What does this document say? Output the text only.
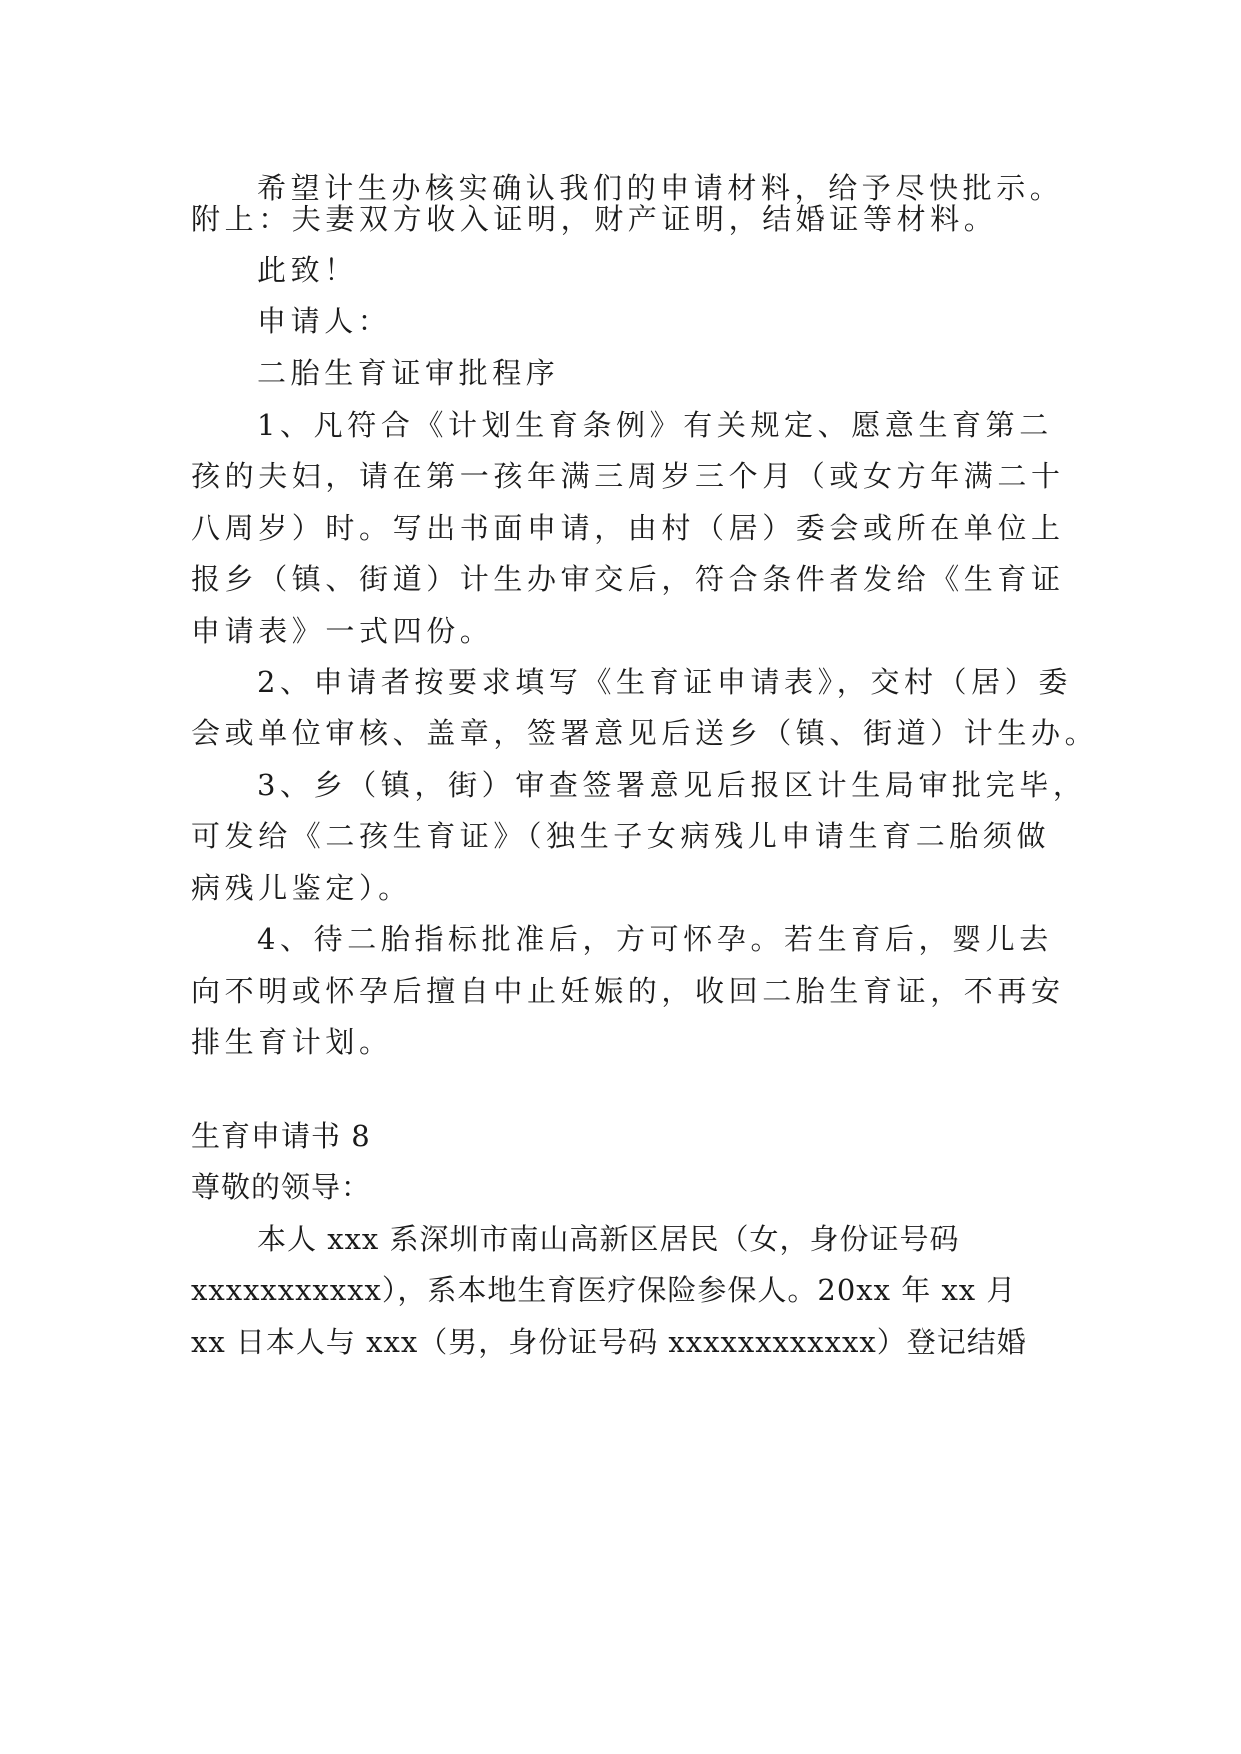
希望计生办核实确认我们的申请材料，给予尽快批示。
附上：夫妻双方收入证明，财产证明，结婚证等材料。
此致！
申请人：
二胎生育证审批程序
1、凡符合《计划生育条例》有关规定、愿意生育第二
孩的夫妇，请在第一孩年满三周岁三个月（或女方年满二十
八周岁）时。写出书面申请，由村（居）委会或所在单位上
报乡（镇、街道）计生办审交后，符合条件者发给《生育证
申请表》一式四份。
2、申请者按要求填写《生育证申请表》，交村（居）委
会或单位审核、盖章，签署意见后送乡（镇、街道）计生办。
3、乡（镇，街）审查签署意见后报区计生局审批完毕，
可发给《二孩生育证》（独生子女病残儿申请生育二胎须做
病残儿鉴定）。
4、待二胎指标批准后，方可怀孕。若生育后，婴儿去
向不明或怀孕后擅自中止妊娠的，收回二胎生育证，不再安
排生育计划。
生育申请书 8
尊敬的领导：
本人 xxx 系深圳市南山高新区居民（女，身份证号码
xxxxxxxxxxx），系本地生育医疗保险参保人。20xx 年 xx 月
xx 日本人与 xxx（男，身份证号码 xxxxxxxxxxxx）登记结婚
